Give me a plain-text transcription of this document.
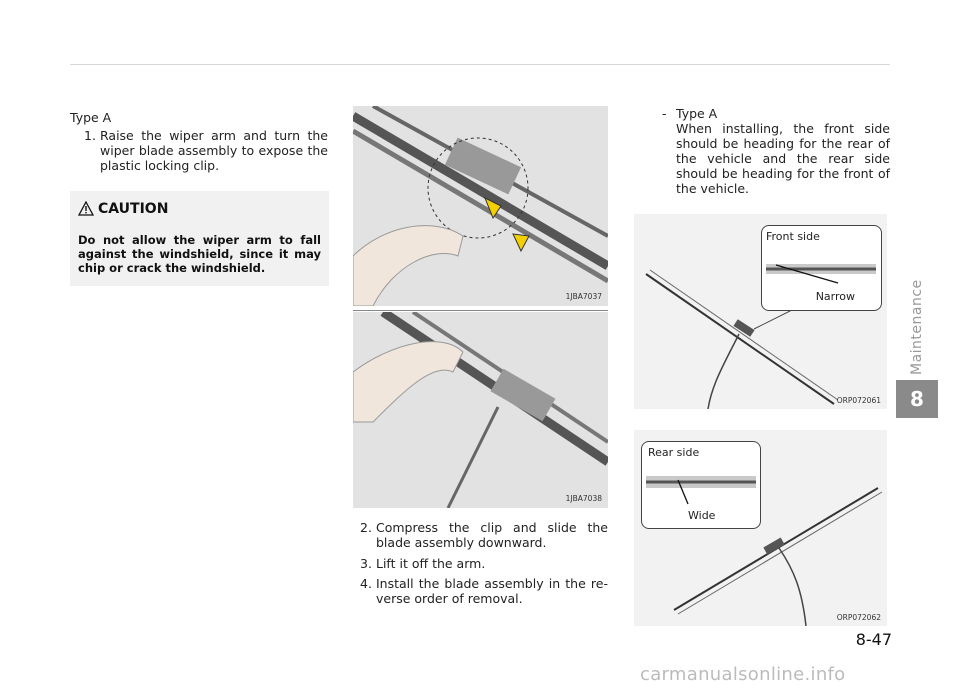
Type A
1. Raise the wiper arm and turn the wiper blade assembly to expose the plastic locking clip.
CAUTION
Do not allow the wiper arm to fall against the windshield, since it may chip or crack the windshield.
1JBA7037
1JBA7038
2. Compress the clip and slide the blade assembly downward.
3. Lift it off the arm.
4. Install the blade assembly in the re-verse order of removal.
- Type A
When installing, the front side should be heading for the rear of the vehicle and the rear side should be heading for the front of the vehicle.
Front side
Narrow
ORP072061
Rear side
Wide
ORP072062
Maintenance
8
8-47
carmanualsonline.info
